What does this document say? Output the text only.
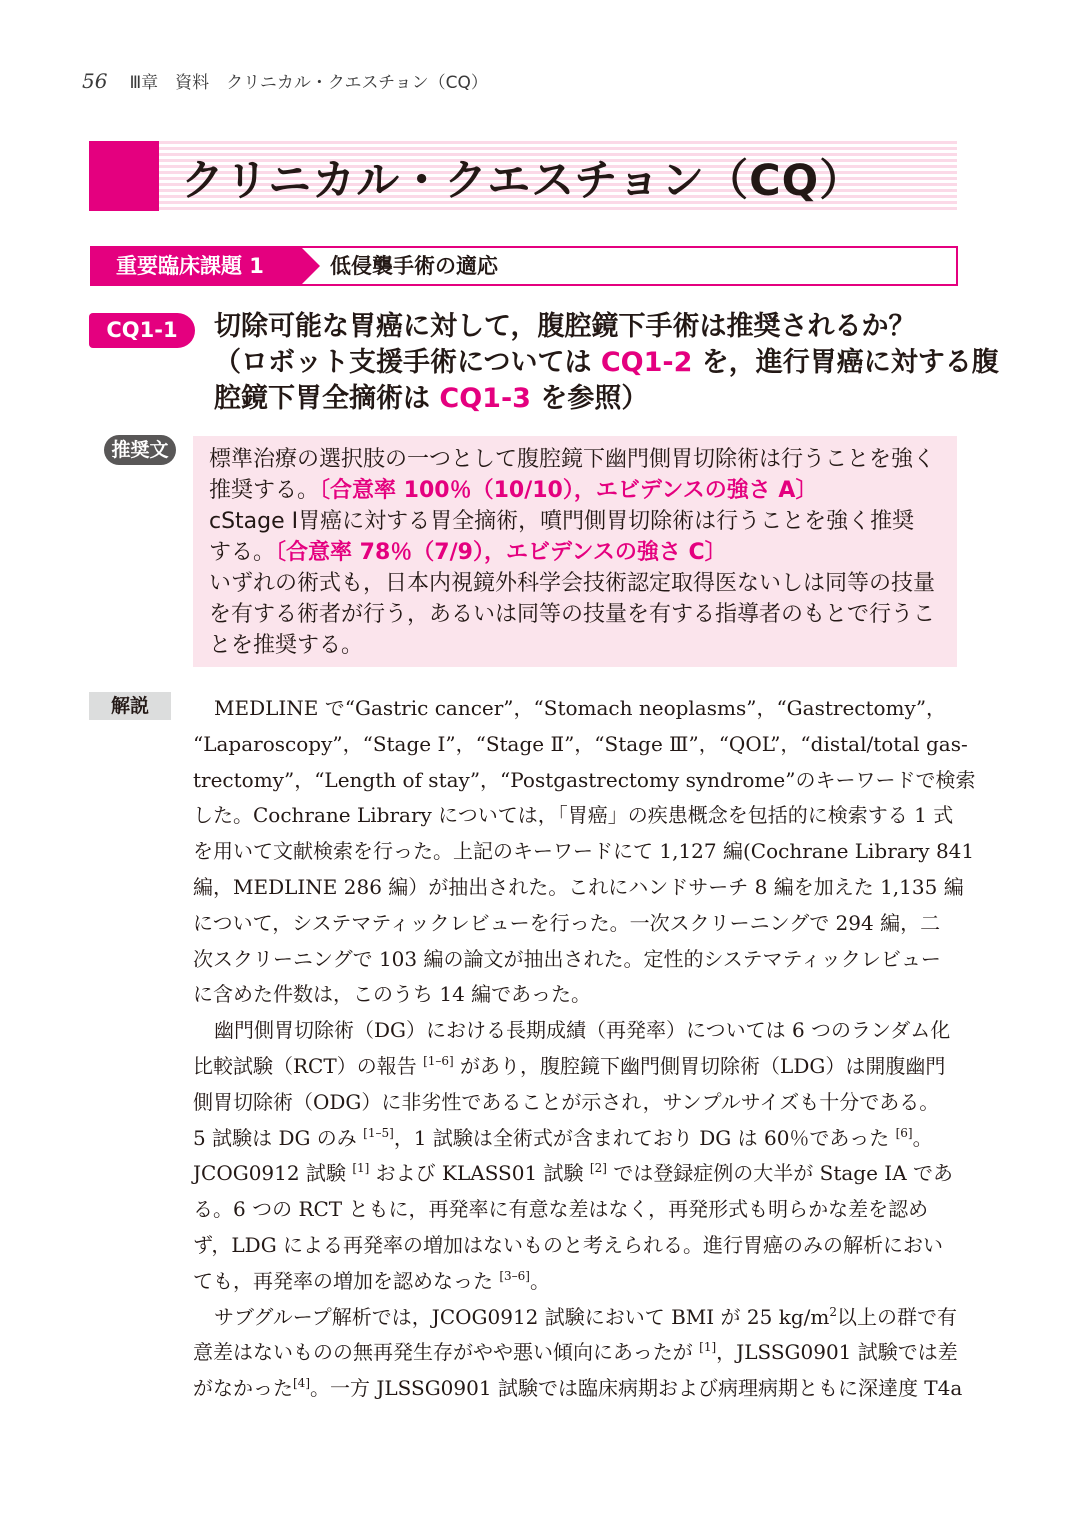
56 Ⅲ章　資料　クリニカル・クエスチョン（CQ）
クリニカル・クエスチョン（CQ）
重要臨床課題 1	低侵襲手術の適応
CQ1-1	切除可能な胃癌に対して，腹腔鏡下手術は推奨されるか？
（ロボット支援手術については CQ1-2 を，進行胃癌に対する腹
腔鏡下胃全摘術は CQ1-3 を参照）
推奨文	標準治療の選択肢の一つとして腹腔鏡下幽門側胃切除術は行うことを強く
推奨する。〔合意率 100％（10/10），エビデンスの強さ A〕
cStage Ⅰ胃癌に対する胃全摘術，噴門側胃切除術は行うことを強く推奨
する。〔合意率 78％（7/9），エビデンスの強さ C〕
いずれの術式も，日本内視鏡外科学会技術認定取得医ないしは同等の技量
を有する術者が行う，あるいは同等の技量を有する指導者のもとで行うこ
とを推奨する。
解説	MEDLINE で“Gastric cancer”，“Stomach neoplasms”，“Gastrectomy”，
“Laparoscopy”，“Stage Ⅰ”，“Stage Ⅱ”，“Stage Ⅲ”，“QOL”，“distal/total gas-
trectomy”，“Length of stay”，“Postgastrectomy syndrome”のキーワードで検索
した。Cochrane Library については，「胃癌」の疾患概念を包括的に検索する 1 式
を用いて文献検索を行った。上記のキーワードにて 1,127 編(Cochrane Library 841
編，MEDLINE 286 編）が抽出された。これにハンドサーチ 8 編を加えた 1,135 編
について，システマティックレビューを行った。一次スクリーニングで 294 編，二
次スクリーニングで 103 編の論文が抽出された。定性的システマティックレビュー
に含めた件数は，このうち 14 編であった。
幽門側胃切除術（DG）における長期成績（再発率）については 6 つのランダム化
比較試験（RCT）の報告 [1–6] があり，腹腔鏡下幽門側胃切除術（LDG）は開腹幽門
側胃切除術（ODG）に非劣性であることが示され，サンプルサイズも十分である。
5 試験は DG のみ [1–5]，1 試験は全術式が含まれており DG は 60％であった [6]。
JCOG0912 試験 [1] および KLASS01 試験 [2] では登録症例の大半が Stage ⅠA であ
る。6 つの RCT ともに，再発率に有意な差はなく，再発形式も明らかな差を認め
ず，LDG による再発率の増加はないものと考えられる。進行胃癌のみの解析におい
ても，再発率の増加を認めなった [3–6]。
サブグループ解析では，JCOG0912 試験において BMI が 25 $kg/m^2$以上の群で有
意差はないものの無再発生存がやや悪い傾向にあったが [1]，JLSSG0901 試験では差
がなかった[4]。一方 JLSSG0901 試験では臨床病期および病理病期ともに深達度 T4a
